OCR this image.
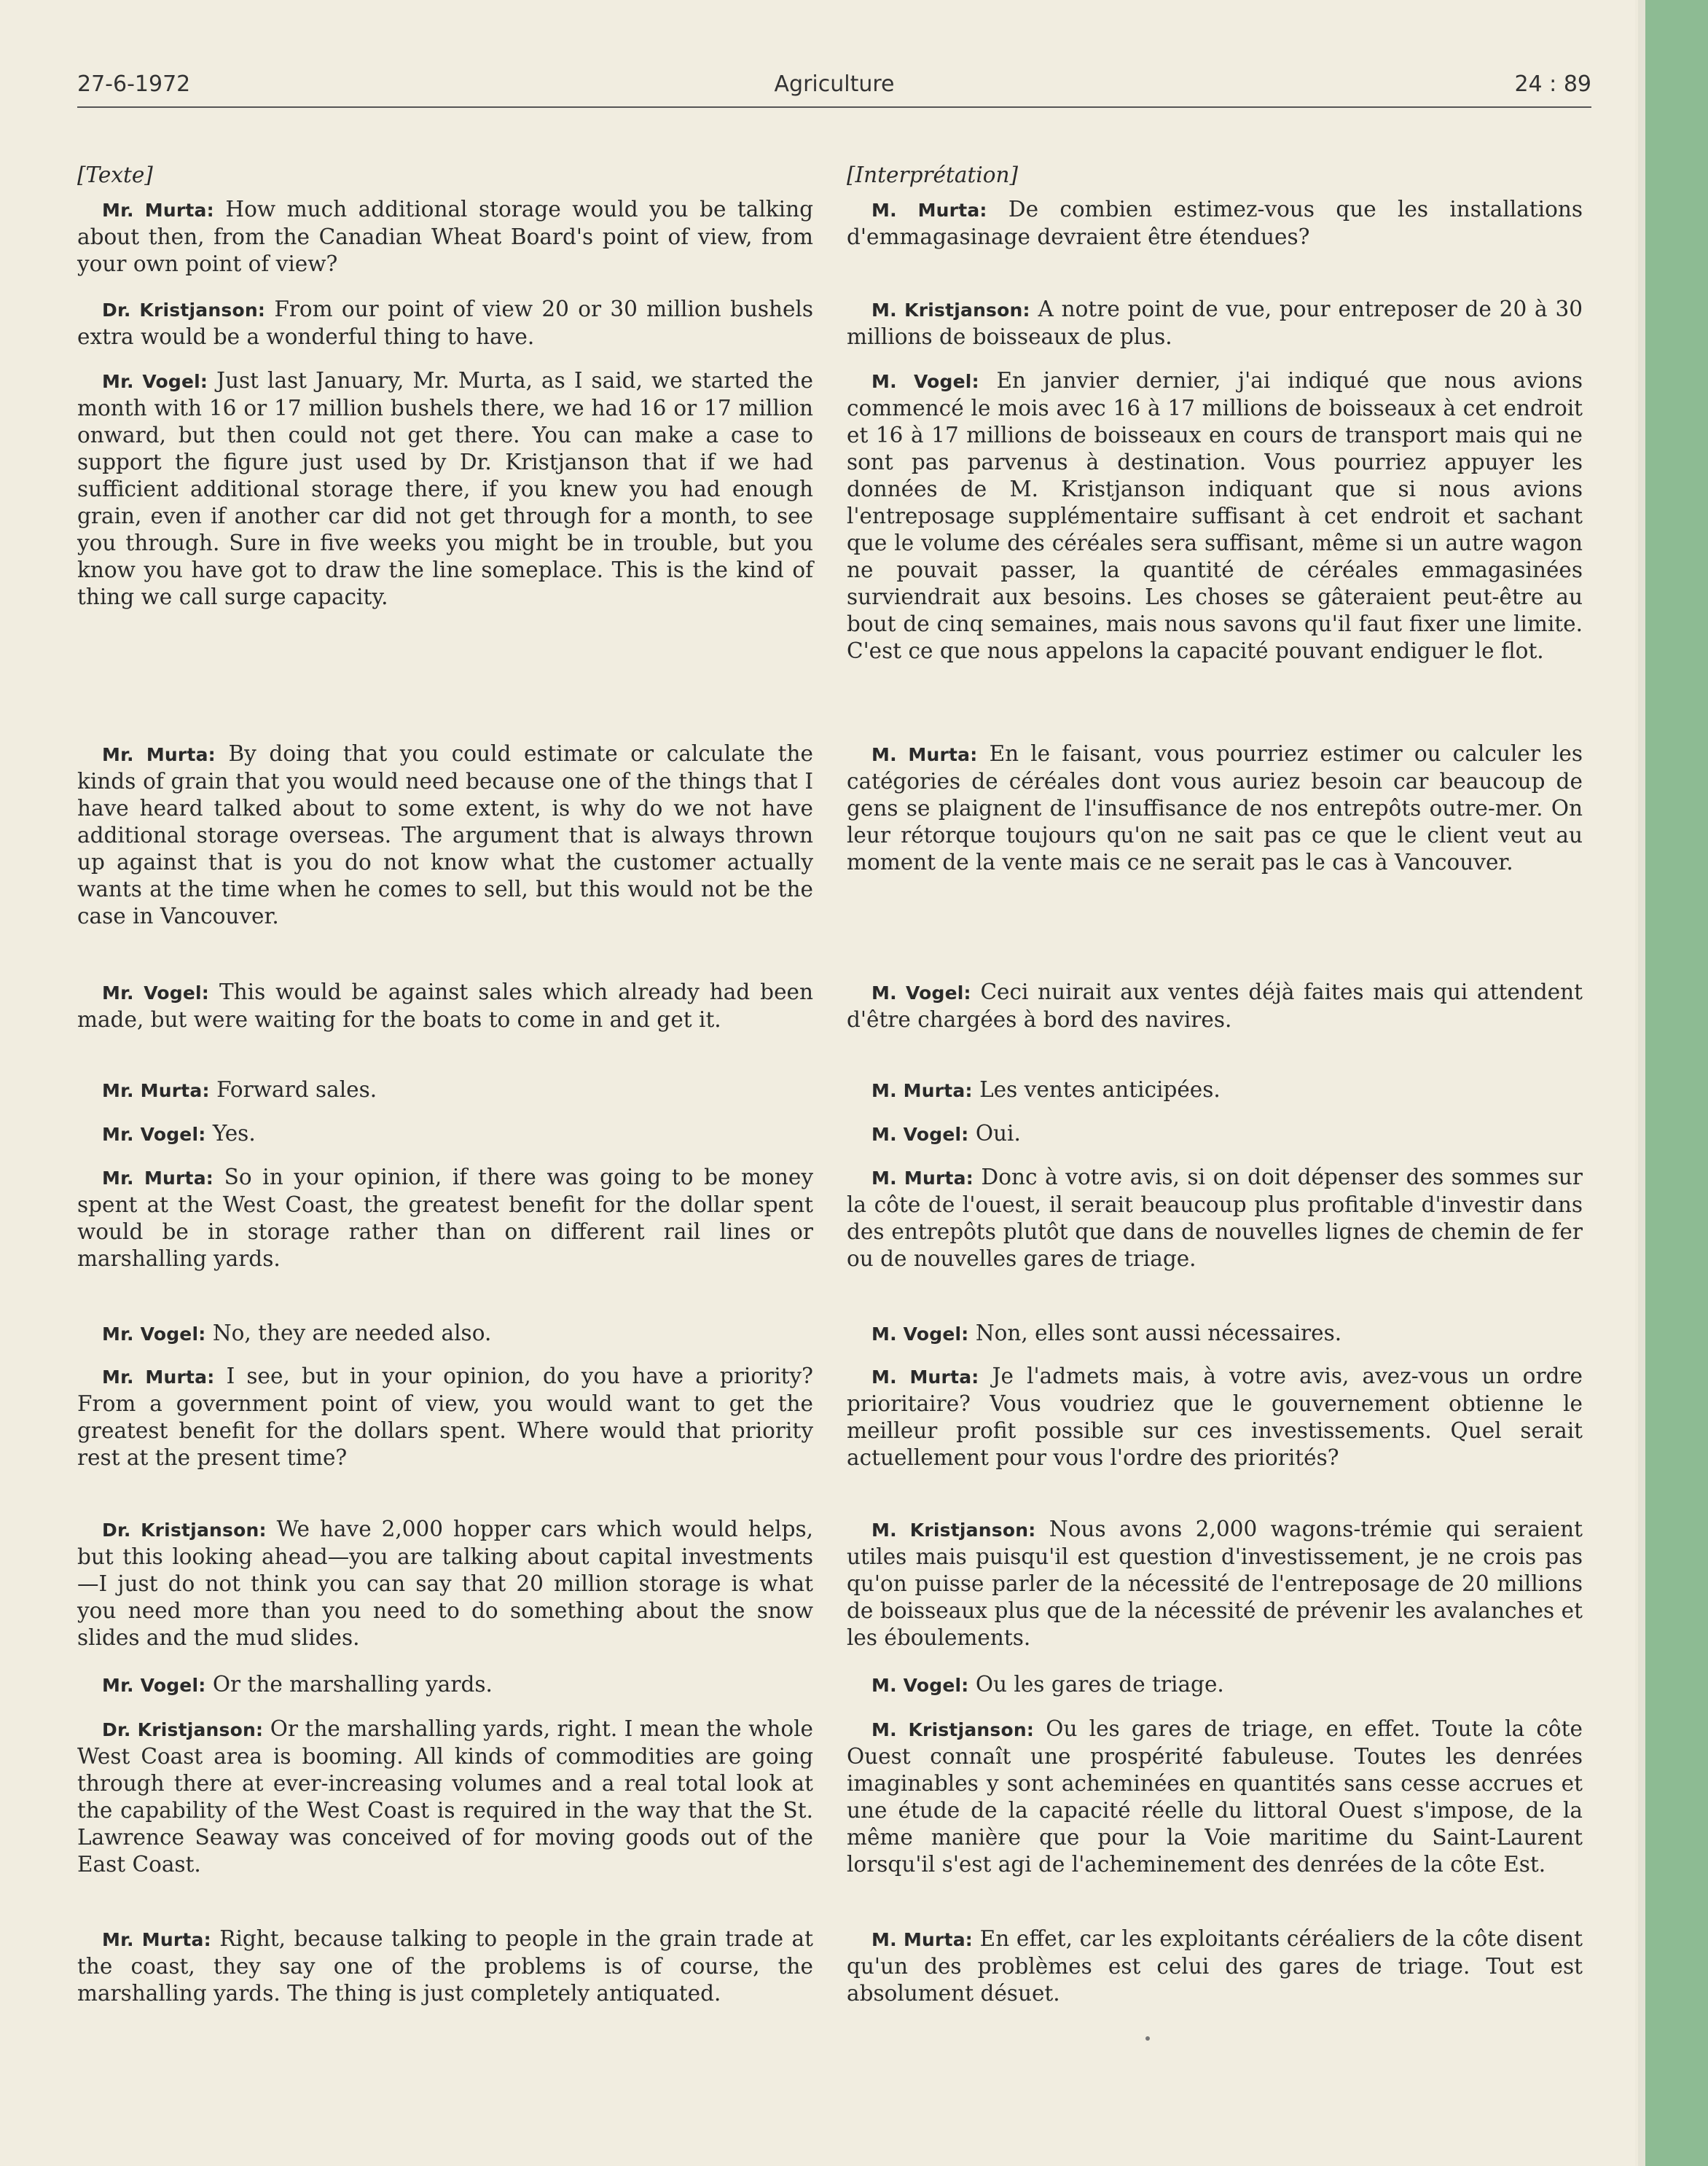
27-6-1972	Agriculture	24 : 89

[Texte]

Mr. Murta: How much additional storage would you be talking about then, from the Canadian Wheat Board's point of view, from your own point of view?

Dr. Kristjanson: From our point of view 20 or 30 million bushels extra would be a wonderful thing to have.

Mr. Vogel: Just last January, Mr. Murta, as I said, we started the month with 16 or 17 million bushels there, we had 16 or 17 million onward, but then could not get there. You can make a case to support the figure just used by Dr. Kristjanson that if we had sufficient additional storage there, if you knew you had enough grain, even if another car did not get through for a month, to see you through. Sure in five weeks you might be in trouble, but you know you have got to draw the line someplace. This is the kind of thing we call surge capacity.

Mr. Murta: By doing that you could estimate or calculate the kinds of grain that you would need because one of the things that I have heard talked about to some extent, is why do we not have additional storage overseas. The argument that is always thrown up against that is you do not know what the customer actually wants at the time when he comes to sell, but this would not be the case in Vancouver.

Mr. Vogel: This would be against sales which already had been made, but were waiting for the boats to come in and get it.

Mr. Murta: Forward sales.

Mr. Vogel: Yes.

Mr. Murta: So in your opinion, if there was going to be money spent at the West Coast, the greatest benefit for the dollar spent would be in storage rather than on different rail lines or marshalling yards.

Mr. Vogel: No, they are needed also.

Mr. Murta: I see, but in your opinion, do you have a priority? From a government point of view, you would want to get the greatest benefit for the dollars spent. Where would that priority rest at the present time?

Dr. Kristjanson: We have 2,000 hopper cars which would helps, but this looking ahead—you are talking about capital investments—I just do not think you can say that 20 million storage is what you need more than you need to do something about the snow slides and the mud slides.

Mr. Vogel: Or the marshalling yards.

Dr. Kristjanson: Or the marshalling yards, right. I mean the whole West Coast area is booming. All kinds of commodities are going through there at ever-increasing volumes and a real total look at the capability of the West Coast is required in the way that the St. Lawrence Seaway was conceived of for moving goods out of the East Coast.

Mr. Murta: Right, because talking to people in the grain trade at the coast, they say one of the problems is of course, the marshalling yards. The thing is just completely antiquated.

[Interprétation]

M. Murta: De combien estimez-vous que les installations d'emmagasinage devraient être étendues?

M. Kristjanson: A notre point de vue, pour entreposer de 20 à 30 millions de boisseaux de plus.

M. Vogel: En janvier dernier, j'ai indiqué que nous avions commencé le mois avec 16 à 17 millions de boisseaux à cet endroit et 16 à 17 millions de boisseaux en cours de transport mais qui ne sont pas parvenus à destination. Vous pourriez appuyer les données de M. Kristjanson indiquant que si nous avions l'entreposage supplémentaire suffisant à cet endroit et sachant que le volume des céréales sera suffisant, même si un autre wagon ne pouvait passer, la quantité de céréales emmagasinées surviendrait aux besoins. Les choses se gâteraient peut-être au bout de cinq semaines, mais nous savons qu'il faut fixer une limite. C'est ce que nous appelons la capacité pouvant endiguer le flot.

M. Murta: En le faisant, vous pourriez estimer ou calculer les catégories de céréales dont vous auriez besoin car beaucoup de gens se plaignent de l'insuffisance de nos entrepôts outre-mer. On leur rétorque toujours qu'on ne sait pas ce que le client veut au moment de la vente mais ce ne serait pas le cas à Vancouver.

M. Vogel: Ceci nuirait aux ventes déjà faites mais qui attendent d'être chargées à bord des navires.

M. Murta: Les ventes anticipées.

M. Vogel: Oui.

M. Murta: Donc à votre avis, si on doit dépenser des sommes sur la côte de l'ouest, il serait beaucoup plus profitable d'investir dans des entrepôts plutôt que dans de nouvelles lignes de chemin de fer ou de nouvelles gares de triage.

M. Vogel: Non, elles sont aussi nécessaires.

M. Murta: Je l'admets mais, à votre avis, avez-vous un ordre prioritaire? Vous voudriez que le gouvernement obtienne le meilleur profit possible sur ces investissements. Quel serait actuellement pour vous l'ordre des priorités?

M. Kristjanson: Nous avons 2,000 wagons-trémie qui seraient utiles mais puisqu'il est question d'investissement, je ne crois pas qu'on puisse parler de la nécessité de l'entreposage de 20 millions de boisseaux plus que de la nécessité de prévenir les avalanches et les éboulements.

M. Vogel: Ou les gares de triage.

M. Kristjanson: Ou les gares de triage, en effet. Toute la côte Ouest connaît une prospérité fabuleuse. Toutes les denrées imaginables y sont acheminées en quantités sans cesse accrues et une étude de la capacité réelle du littoral Ouest s'impose, de la même manière que pour la Voie maritime du Saint-Laurent lorsqu'il s'est agi de l'acheminement des denrées de la côte Est.

M. Murta: En effet, car les exploitants céréaliers de la côte disent qu'un des problèmes est celui des gares de triage. Tout est absolument désuet.
